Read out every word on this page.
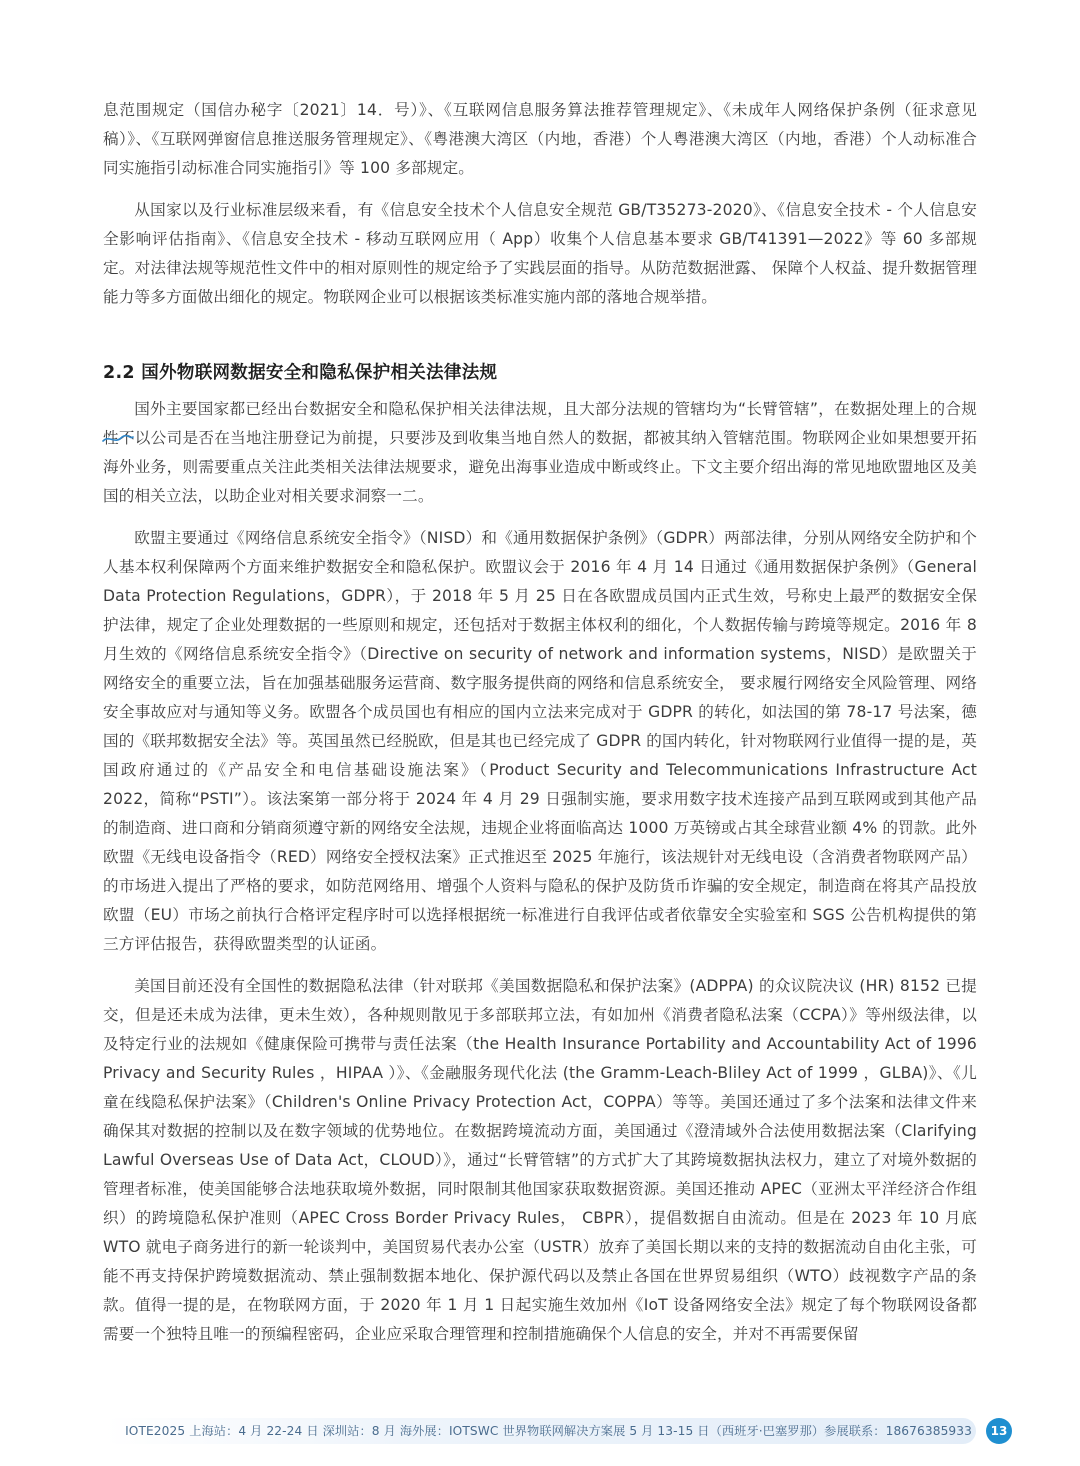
息范围规定（国信办秘字〔2021〕14．号）》、《互联网信息服务算法推荐管理规定》、《未成年人网络保护条例（征求意见稿）》、《互联网弹窗信息推送服务管理规定》、《粤港澳大湾区（内地，香港）个人粤港澳大湾区（内地，香港）个人动标准合同实施指引动标准合同实施指引》等 100 多部规定。

从国家以及行业标准层级来看，有《信息安全技术个人信息安全规范 GB/T35273-2020》、《信息安全技术 - 个人信息安全影响评估指南》、《信息安全技术 - 移动互联网应用（ App）收集个人信息基本要求 GB/T41391—2022》等 60 多部规定。对法律法规等规范性文件中的相对原则性的规定给予了实践层面的指导。从防范数据泄露、 保障个人权益、提升数据管理能力等多方面做出细化的规定。物联网企业可以根据该类标准实施内部的落地合规举措。

2.2 国外物联网数据安全和隐私保护相关法律法规

国外主要国家都已经出台数据安全和隐私保护相关法律法规，且大部分法规的管辖均为“长臂管辖”，在数据处理上的合规性不以公司是否在当地注册登记为前提，只要涉及到收集当地自然人的数据，都被其纳入管辖范围。物联网企业如果想要开拓海外业务，则需要重点关注此类相关法律法规要求，避免出海事业造成中断或终止。下文主要介绍出海的常见地欧盟地区及美国的相关立法，以助企业对相关要求洞察一二。

欧盟主要通过《网络信息系统安全指令》（NISD）和《通用数据保护条例》（GDPR）两部法律，分别从网络安全防护和个人基本权利保障两个方面来维护数据安全和隐私保护。欧盟议会于 2016 年 4 月 14 日通过《通用数据保护条例》（General Data Protection Regulations，GDPR），于 2018 年 5 月 25 日在各欧盟成员国内正式生效，号称史上最严的数据安全保护法律，规定了企业处理数据的一些原则和规定，还包括对于数据主体权利的细化，个人数据传输与跨境等规定。2016 年 8 月生效的《网络信息系统安全指令》（Directive on security of network and information systems，NISD）是欧盟关于网络安全的重要立法，旨在加强基础服务运营商、数字服务提供商的网络和信息系统安全， 要求履行网络安全风险管理、网络安全事故应对与通知等义务。欧盟各个成员国也有相应的国内立法来完成对于 GDPR 的转化，如法国的第 78-17 号法案，德国的《联邦数据安全法》等。英国虽然已经脱欧，但是其也已经完成了 GDPR 的国内转化，针对物联网行业值得一提的是，英国政府通过的《产品安全和电信基础设施法案》（Product Security and Telecommunications Infrastructure Act 2022，简称“PSTI”）。该法案第一部分将于 2024 年 4 月 29 日强制实施，要求用数字技术连接产品到互联网或到其他产品的制造商、进口商和分销商须遵守新的网络安全法规，违规企业将面临高达 1000 万英镑或占其全球营业额 4% 的罚款。此外欧盟《无线电设备指令（RED）网络安全授权法案》正式推迟至 2025 年施行，该法规针对无线电设（含消费者物联网产品）的市场进入提出了严格的要求，如防范网络用、增强个人资料与隐私的保护及防货币诈骗的安全规定，制造商在将其产品投放欧盟（EU）市场之前执行合格评定程序时可以选择根据统一标准进行自我评估或者依靠安全实验室和 SGS 公告机构提供的第三方评估报告，获得欧盟类型的认证函。

美国目前还没有全国性的数据隐私法律（针对联邦《美国数据隐私和保护法案》(ADPPA) 的众议院决议 (HR) 8152 已提交，但是还未成为法律，更未生效），各种规则散见于多部联邦立法，有如加州《消费者隐私法案（CCPA）》等州级法律，以及特定行业的法规如《健康保险可携带与责任法案（the Health Insurance Portability and Accountability Act of 1996 Privacy and Security Rules ，HIPAA ）》、《金融服务现代化法 (the Gramm-Leach-Bliley Act of 1999 ，GLBA)》、《儿童在线隐私保护法案》（Children's Online Privacy Protection Act，COPPA）等等。美国还通过了多个法案和法律文件来确保其对数据的控制以及在数字领域的优势地位。在数据跨境流动方面，美国通过《澄清域外合法使用数据法案（Clarifying Lawful Overseas Use of Data Act，CLOUD）》，通过“长臂管辖”的方式扩大了其跨境数据执法权力，建立了对境外数据的管理者标准，使美国能够合法地获取境外数据，同时限制其他国家获取数据资源。美国还推动 APEC（亚洲太平洋经济合作组织）的跨境隐私保护准则（APEC Cross Border Privacy Rules， CBPR），提倡数据自由流动。但是在 2023 年 10 月底 WTO 就电子商务进行的新一轮谈判中，美国贸易代表办公室（USTR）放弃了美国长期以来的支持的数据流动自由化主张，可能不再支持保护跨境数据流动、禁止强制数据本地化、保护源代码以及禁止各国在世界贸易组织（WTO）歧视数字产品的条款。值得一提的是，在物联网方面，于 2020 年 1 月 1 日起实施生效加州《IoT 设备网络安全法》规定了每个物联网设备都需要一个独特且唯一的预编程密码，企业应采取合理管理和控制措施确保个人信息的安全，并对不再需要保留

IOTE2025 上海站：4 月 22-24 日 深圳站：8 月 海外展：IOTSWC 世界物联网解决方案展 5 月 13-15 日（西班牙·巴塞罗那）参展联系：18676385933	13
